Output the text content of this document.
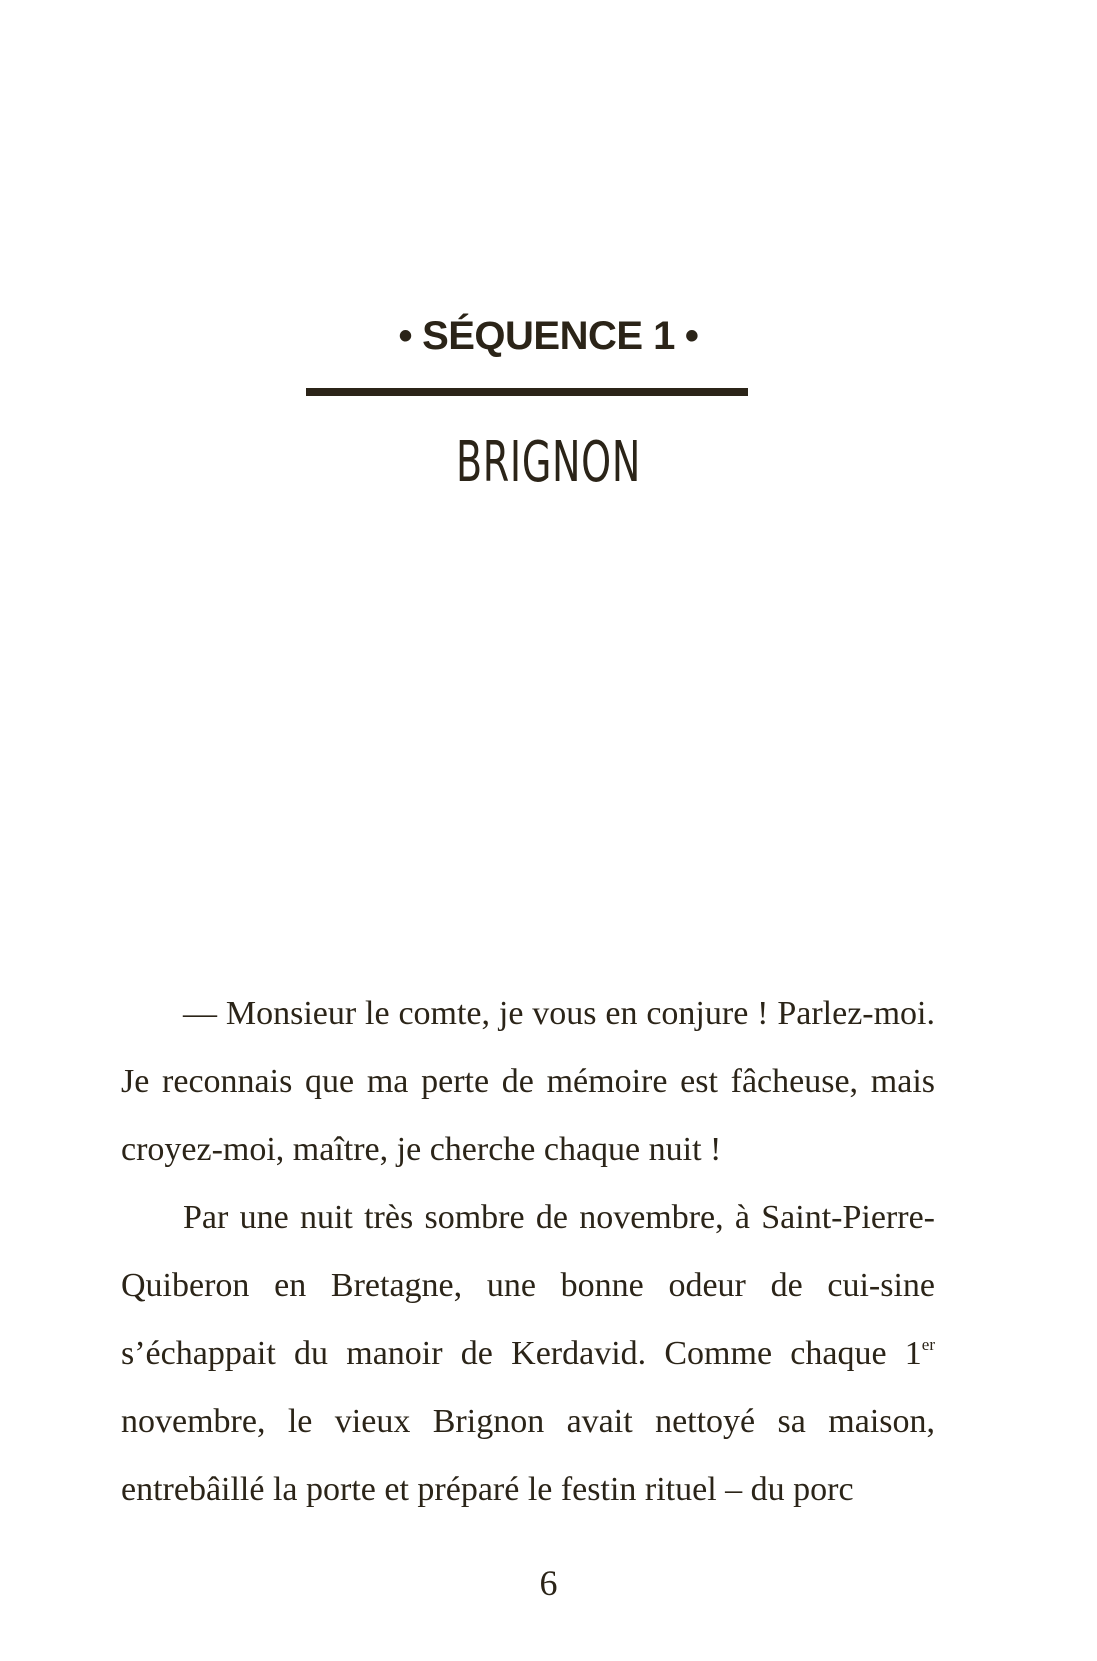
• SÉQUENCE 1 •
BRIGNON

— Monsieur le comte, je vous en conjure ! Parlez-moi. Je reconnais que ma perte de mémoire est fâcheuse, mais croyez-moi, maître, je cherche chaque nuit !

Par une nuit très sombre de novembre, à Saint-Pierre-Quiberon en Bretagne, une bonne odeur de cui-sine s’échappait du manoir de Kerdavid. Comme chaque 1er novembre, le vieux Brignon avait nettoyé sa maison, entrebâillé la porte et préparé le festin rituel – du porc

6
